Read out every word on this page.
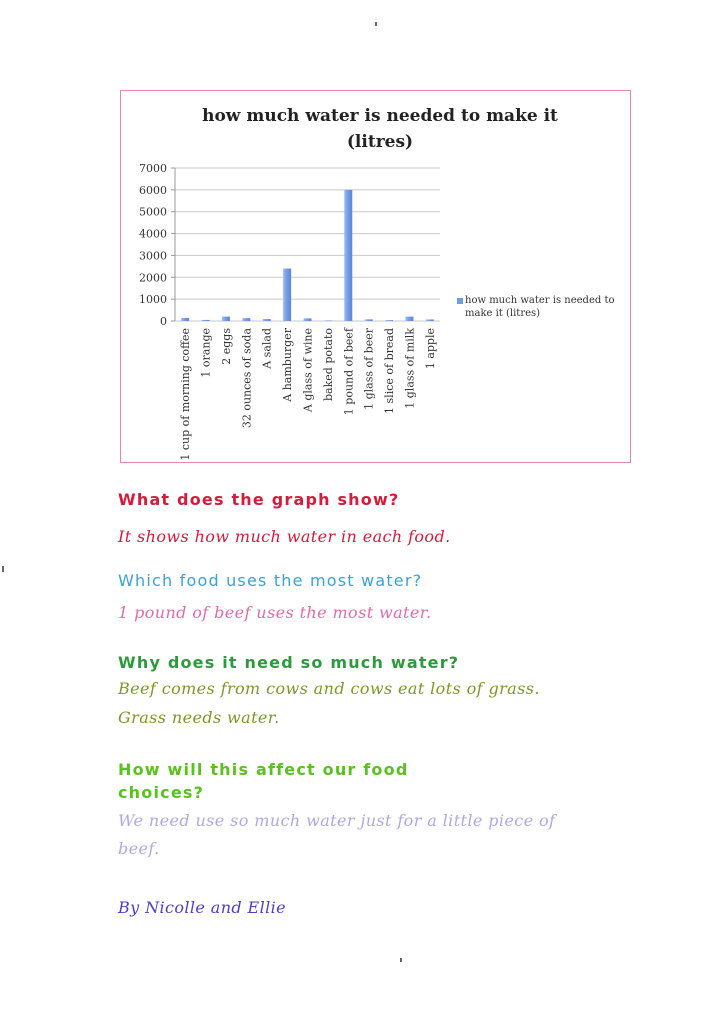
0
1000
2000
3000
4000
5000
6000
7000
1 cup of morning coffee 1 orange 2 eggs 32 ounces of soda A salad A hamburger A glass of wine baked potato 1 pound of beef 1 glass of beer 1 slice of bread 1 glass of milk 1 apple
how much water is needed to make it
(litres)
how much water is needed to
make it (litres)
What does the graph show?
It shows how much water in each food.
Which food uses the most water?
1 pound of beef uses the most water.
Why does it need so much water?
Beef comes from cows and cows eat lots of grass.
Grass needs water.
How will this affect our food
choices?
We need use so much water just for a little piece of
beef.
By Nicolle and Ellie
